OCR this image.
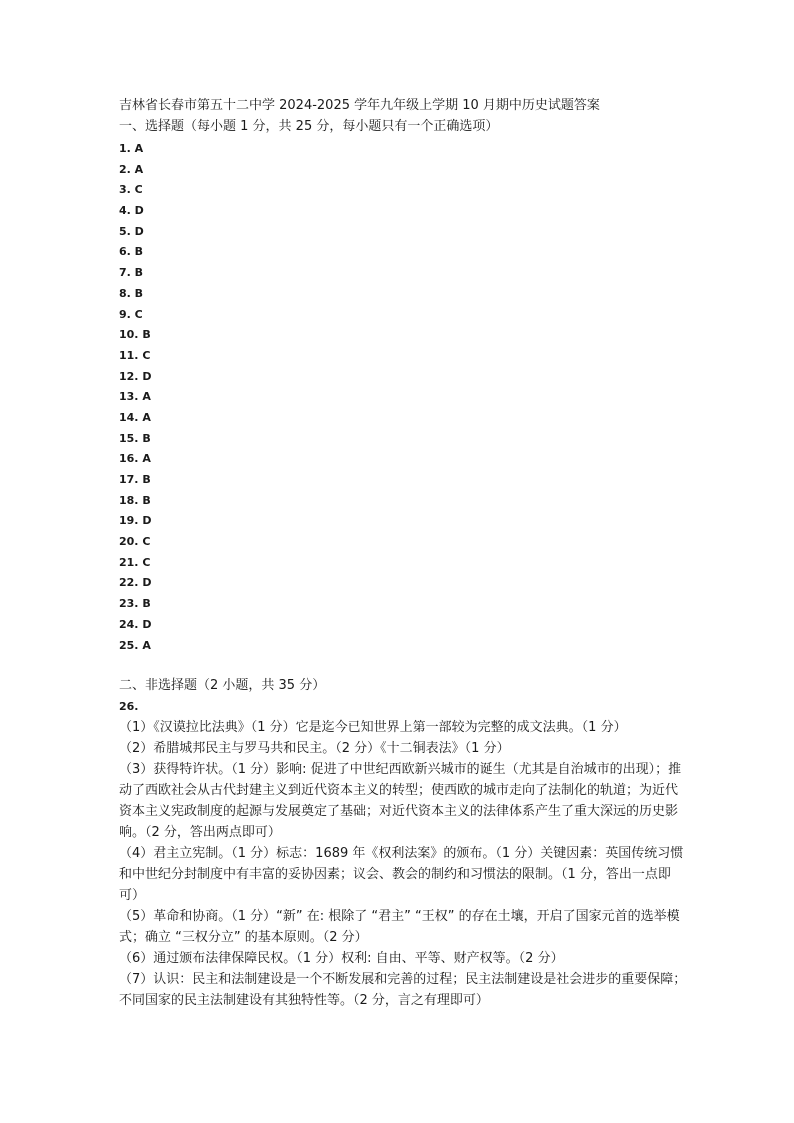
吉林省长春市第五十二中学 2024-2025 学年九年级上学期 10 月期中历史试题答案
一、选择题（每小题 1 分，共 25 分，每小题只有一个正确选项）
1. A
2. A
3. C
4. D
5. D
6. B
7. B
8. B
9. C
10. B
11. C
12. D
13. A
14. A
15. B
16. A
17. B
18. B
19. D
20. C
21. C
22. D
23. B
24. D
25. A
二、非选择题（2 小题，共 35 分）
26.
（1）《汉谟拉比法典》（1 分）它是迄今已知世界上第一部较为完整的成文法典。（1 分）
（2）希腊城邦民主与罗马共和民主。（2 分）《十二铜表法》（1 分）
（3）获得特许状。（1 分）影响: 促进了中世纪西欧新兴城市的诞生（尤其是自治城市的出现）；推动了西欧社会从古代封建主义到近代资本主义的转型；使西欧的城市走向了法制化的轨道；为近代资本主义宪政制度的起源与发展奠定了基础；对近代资本主义的法律体系产生了重大深远的历史影响。（2 分，答出两点即可）
（4）君主立宪制。（1 分）标志：1689 年《权利法案》的颁布。（1 分）关键因素：英国传统习惯和中世纪分封制度中有丰富的妥协因素；议会、教会的制约和习惯法的限制。（1 分，答出一点即可）
（5）革命和协商。（1 分）“新” 在: 根除了 “君主” “王权” 的存在土壤，开启了国家元首的选举模式；确立 “三权分立” 的基本原则。（2 分）
（6）通过颁布法律保障民权。（1 分）权利: 自由、平等、财产权等。（2 分）
（7）认识：民主和法制建设是一个不断发展和完善的过程；民主法制建设是社会进步的重要保障；不同国家的民主法制建设有其独特性等。（2 分，言之有理即可）
